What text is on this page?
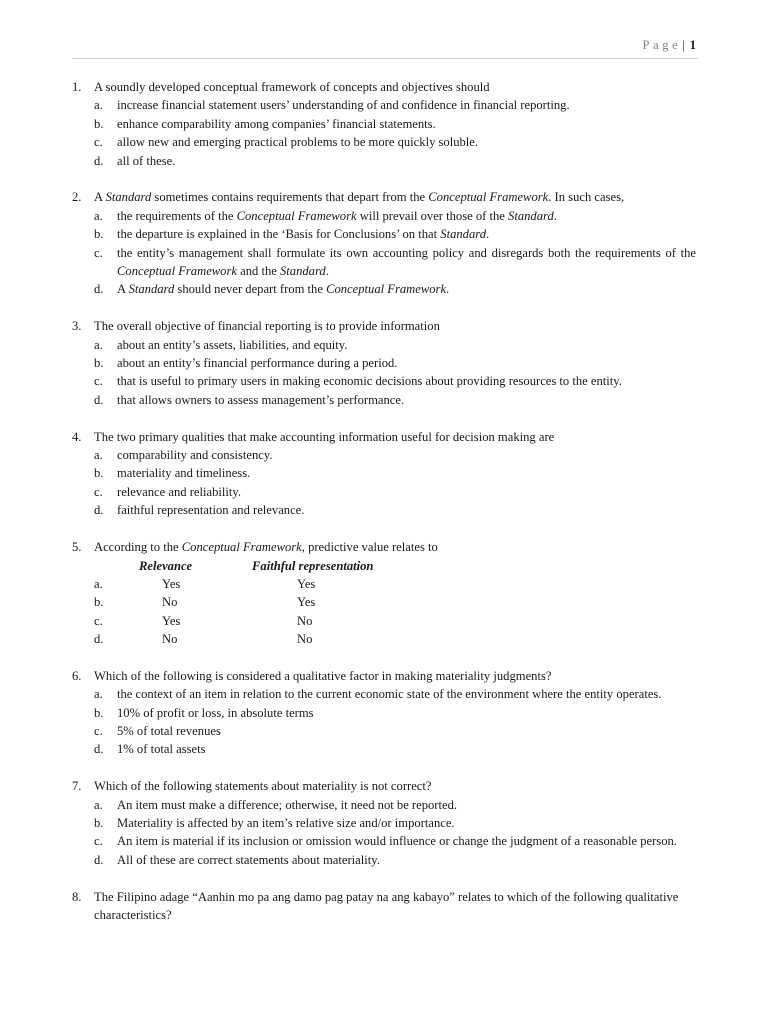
Page| 1
1. A soundly developed conceptual framework of concepts and objectives should
a. increase financial statement users’ understanding of and confidence in financial reporting.
b. enhance comparability among companies’ financial statements.
c. allow new and emerging practical problems to be more quickly soluble.
d. all of these.
2. A Standard sometimes contains requirements that depart from the Conceptual Framework. In such cases,
a. the requirements of the Conceptual Framework will prevail over those of the Standard.
b. the departure is explained in the ‘Basis for Conclusions’ on that Standard.
c. the entity’s management shall formulate its own accounting policy and disregards both the requirements of the Conceptual Framework and the Standard.
d. A Standard should never depart from the Conceptual Framework.
3. The overall objective of financial reporting is to provide information
a. about an entity’s assets, liabilities, and equity.
b. about an entity’s financial performance during a period.
c. that is useful to primary users in making economic decisions about providing resources to the entity.
d. that allows owners to assess management’s performance.
4. The two primary qualities that make accounting information useful for decision making are
a. comparability and consistency.
b. materiality and timeliness.
c. relevance and reliability.
d. faithful representation and relevance.
5. According to the Conceptual Framework, predictive value relates to
Relevance	Faithful representation
a.	Yes	Yes
b.	No	Yes
c.	Yes	No
d.	No	No
6. Which of the following is considered a qualitative factor in making materiality judgments?
a. the context of an item in relation to the current economic state of the environment where the entity operates.
b. 10% of profit or loss, in absolute terms
c. 5% of total revenues
d. 1% of total assets
7. Which of the following statements about materiality is not correct?
a. An item must make a difference; otherwise, it need not be reported.
b. Materiality is affected by an item’s relative size and/or importance.
c. An item is material if its inclusion or omission would influence or change the judgment of a reasonable person.
d. All of these are correct statements about materiality.
8. The Filipino adage “Aanhin mo pa ang damo pag patay na ang kabayo” relates to which of the following qualitative characteristics?
